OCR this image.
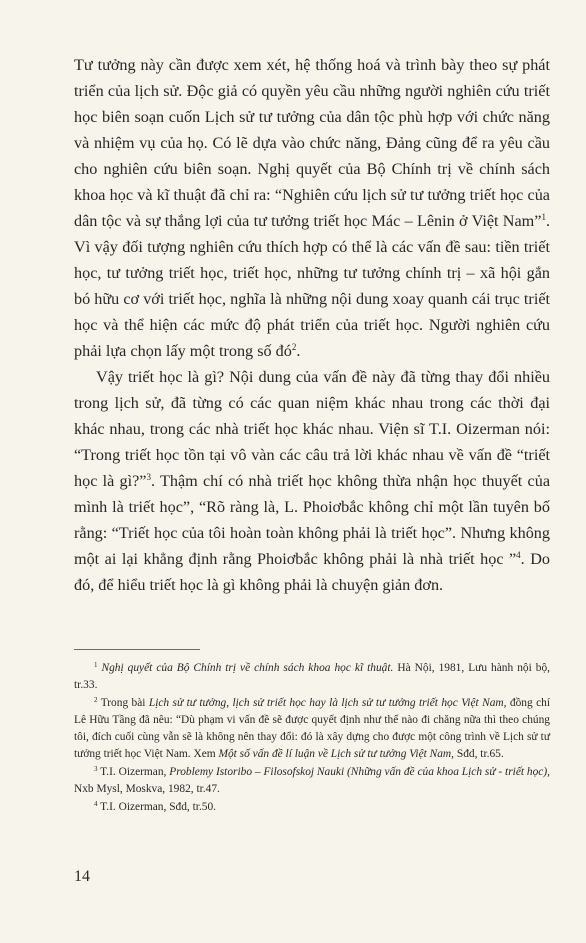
Tư tưởng này cần được xem xét, hệ thống hoá và trình bày theo sự phát triển của lịch sử. Độc giả có quyền yêu cầu những người nghiên cứu triết học biên soạn cuốn Lịch sử tư tưởng của dân tộc phù hợp với chức năng và nhiệm vụ của họ. Có lẽ dựa vào chức năng, Đảng cũng để ra yêu cầu cho nghiên cứu biên soạn. Nghị quyết của Bộ Chính trị về chính sách khoa học và kĩ thuật đã chỉ ra: “Nghiên cứu lịch sử tư tưởng triết học của dân tộc và sự thắng lợi của tư tưởng triết học Mác – Lênin ở Việt Nam”$^1$. Vì vậy đối tượng nghiên cứu thích hợp có thể là các vấn đề sau: tiền triết học, tư tưởng triết học, triết học, những tư tưởng chính trị – xã hội gắn bó hữu cơ với triết học, nghĩa là những nội dung xoay quanh cái trục triết học và thể hiện các mức độ phát triển của triết học. Người nghiên cứu phải lựa chọn lấy một trong số $đó^2$.

Vậy triết học là gì? Nội dung của vấn đề này đã từng thay đổi nhiều trong lịch sử, đã từng có các quan niệm khác nhau trong các thời đại khác nhau, trong các nhà triết học khác nhau. Viện sĩ T.I. Oizerman nói: “Trong triết học tồn tại vô vàn các câu trả lời khác nhau về vấn đề “triết học là gì?”$^3$. Thậm chí có nhà triết học không thừa nhận học thuyết của mình là triết học”, “Rõ ràng là, L. Phoiơbắc không chỉ một lần tuyên bố rằng: “Triết học của tôi hoàn toàn không phải là triết học”. Nhưng không một ai lại khẳng định rằng Phoiơbắc không phải là nhà triết học ”$^4$. Do đó, để hiểu triết học là gì không phải là chuyện giản đơn.

$^1$ Nghị quyết của Bộ Chính trị về chính sách khoa học kĩ thuật. Hà Nội, 1981, Lưu hành nội bộ, tr.33.

$^2$ Trong bài Lịch sử tư tưởng, lịch sử triết học hay là lịch sử tư tưởng triết học Việt Nam, đồng chí Lê Hữu Tầng đã nêu: “Dù phạm vi vấn đề sẽ được quyết định như thế nào đi chăng nữa thì theo chúng tôi, đích cuối cùng vẫn sẽ là không nên thay đổi: đó là xây dựng cho được một công trình về Lịch sử tư tưởng triết học Việt Nam. Xem Một số vấn đề lí luận về Lịch sử tư tưởng Việt Nam, Sđd, tr.65.

$^3$ T.I. Oizerman, Problemy Istoribo – Filosofskoj Nauki (Những vấn đề của khoa Lịch sử - triết học), Nxb Mysl, Moskva, 1982, tr.47.

$^4$ T.I. Oizerman, Sđd, tr.50.

14
